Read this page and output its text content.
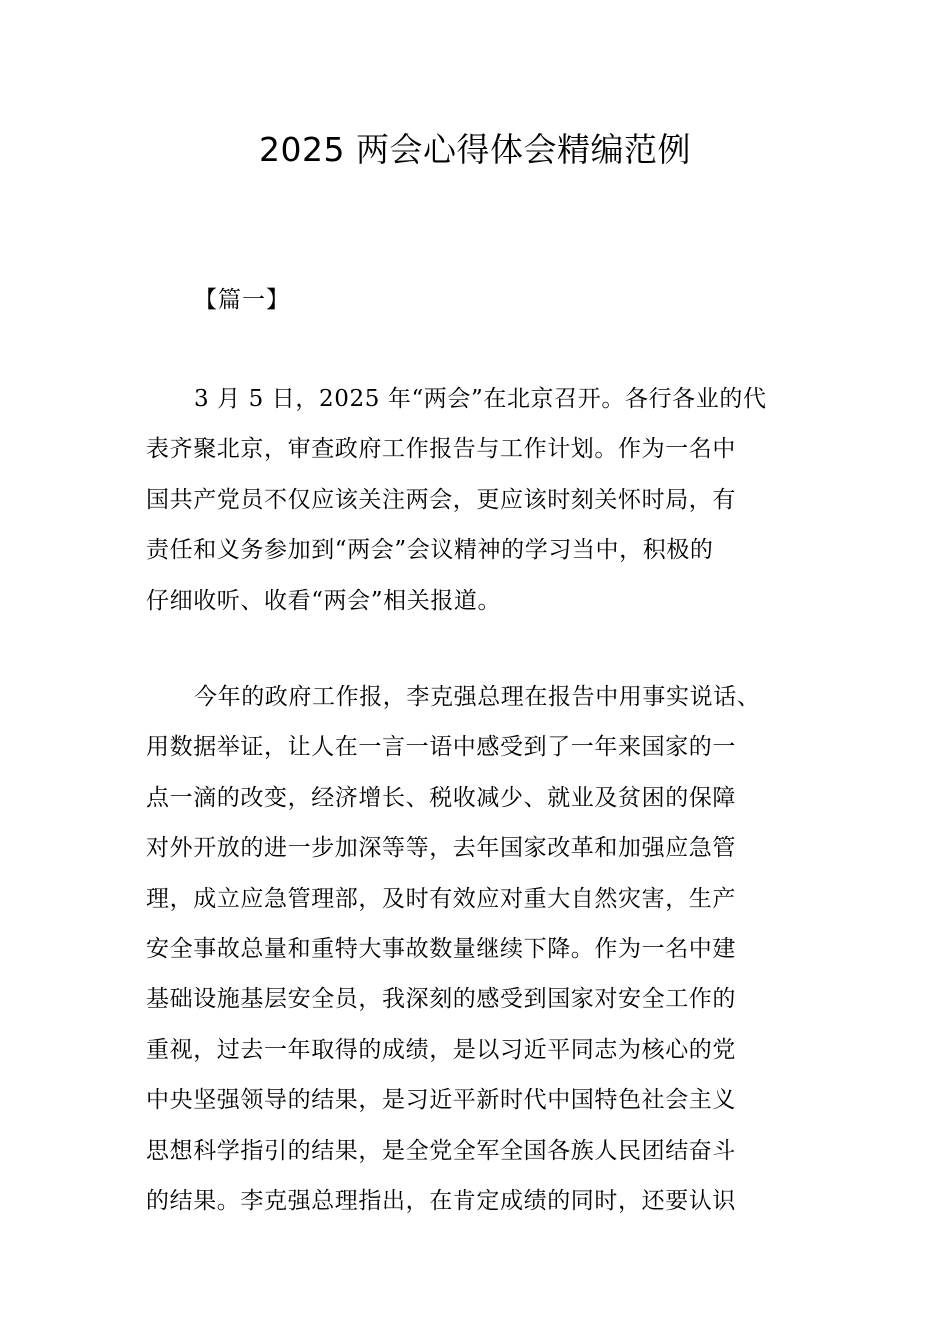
2025 两会心得体会精编范例
【篇一】
3 月 5 日，2025 年“两会”在北京召开。各行各业的代
表齐聚北京，审查政府工作报告与工作计划。作为一名中
国共产党员不仅应该关注两会，更应该时刻关怀时局，有
责任和义务参加到“两会”会议精神的学习当中，积极的
仔细收听、收看“两会”相关报道。
今年的政府工作报，李克强总理在报告中用事实说话、
用数据举证，让人在一言一语中感受到了一年来国家的一
点一滴的改变，经济增长、税收减少、就业及贫困的保障
对外开放的进一步加深等等，去年国家改革和加强应急管
理，成立应急管理部，及时有效应对重大自然灾害，生产
安全事故总量和重特大事故数量继续下降。作为一名中建
基础设施基层安全员，我深刻的感受到国家对安全工作的
重视，过去一年取得的成绩，是以习近平同志为核心的党
中央坚强领导的结果，是习近平新时代中国特色社会主义
思想科学指引的结果，是全党全军全国各族人民团结奋斗
的结果。李克强总理指出，在肯定成绩的同时，还要认识
